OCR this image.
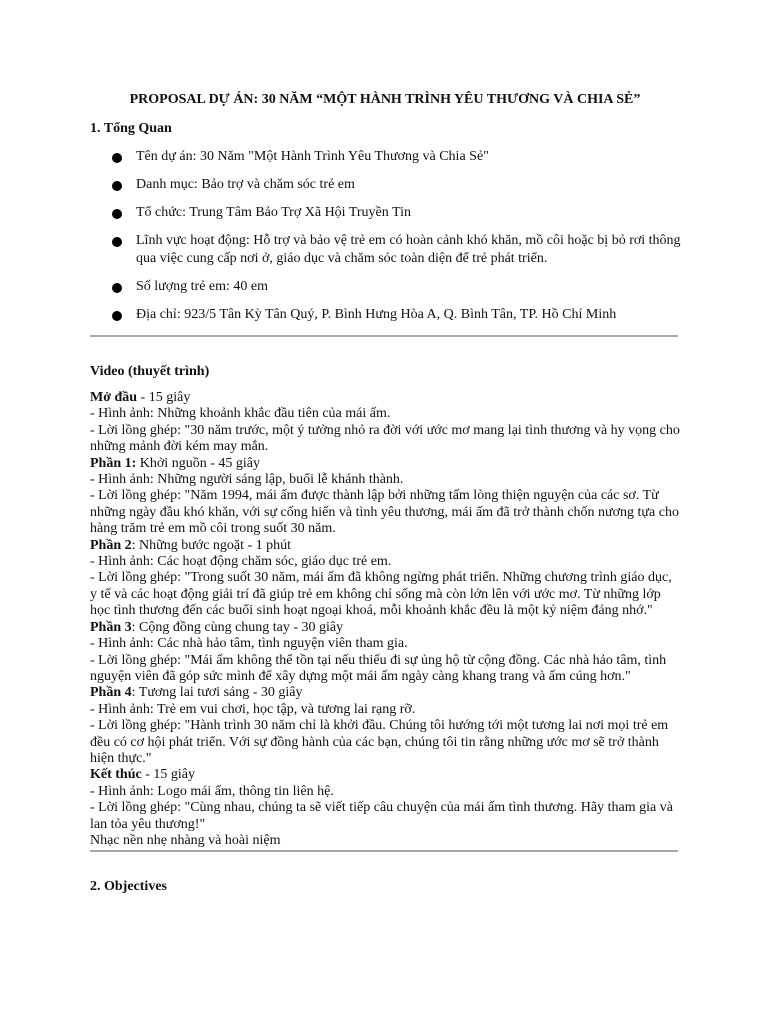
PROPOSAL DỰ ÁN: 30 NĂM “MỘT HÀNH TRÌNH YÊU THƯƠNG VÀ CHIA SẺ”
1. Tổng Quan

Tên dự án: 30 Năm "Một Hành Trình Yêu Thương và Chia Sẻ"

Danh mục: Bảo trợ và chăm sóc trẻ em

Tổ chức: Trung Tâm Bảo Trợ Xã Hội Truyền Tin

Lĩnh vực hoạt động: Hỗ trợ và bảo vệ trẻ em có hoàn cảnh khó khăn, mồ côi hoặc bị bỏ rơi thông qua việc cung cấp nơi ở, giáo dục và chăm sóc toàn diện để trẻ phát triển.

Số lượng trẻ em: 40 em

Địa chỉ: 923/5 Tân Kỳ Tân Quý, P. Bình Hưng Hòa A, Q. Bình Tân, TP. Hồ Chí Minh

Video (thuyết trình)

Mở đầu - 15 giây

- Hình ảnh: Những khoảnh khắc đầu tiên của mái ấm.

- Lời lồng ghép: "30 năm trước, một ý tưởng nhỏ ra đời với ước mơ mang lại tình thương và hy vọng cho những mảnh đời kém may mắn.

Phần 1: Khởi nguồn - 45 giây

- Hình ảnh: Những người sáng lập, buổi lễ khánh thành.

- Lời lồng ghép: "Năm 1994, mái ấm được thành lập bởi những tấm lòng thiện nguyện của các sơ. Từ những ngày đầu khó khăn, với sự cống hiến và tình yêu thương, mái ấm đã trở thành chốn nương tựa cho hàng trăm trẻ em mồ côi trong suốt 30 năm.

Phần 2: Những bước ngoặt - 1 phút

- Hình ảnh: Các hoạt động chăm sóc, giáo dục trẻ em.

- Lời lồng ghép: "Trong suốt 30 năm, mái ấm đã không ngừng phát triển. Những chương trình giáo dục, y tế và các hoạt động giải trí đã giúp trẻ em không chỉ sống mà còn lớn lên với ước mơ. Từ những lớp học tình thương đến các buổi sinh hoạt ngoại khoá, mỗi khoảnh khắc đều là một kỷ niệm đáng nhớ."

Phần 3: Cộng đồng cùng chung tay - 30 giây

- Hình ảnh: Các nhà hảo tâm, tình nguyện viên tham gia.

- Lời lồng ghép: "Mái ấm không thể tồn tại nếu thiếu đi sự ủng hộ từ cộng đồng. Các nhà hảo tâm, tình nguyện viên đã góp sức mình để xây dựng một mái ấm ngày càng khang trang và ấm cúng hơn."

Phần 4: Tương lai tươi sáng - 30 giây

- Hình ảnh: Trẻ em vui chơi, học tập, và tương lai rạng rỡ.

- Lời lồng ghép: "Hành trình 30 năm chỉ là khởi đầu. Chúng tôi hướng tới một tương lai nơi mọi trẻ em đều có cơ hội phát triển. Với sự đồng hành của các bạn, chúng tôi tin rằng những ước mơ sẽ trở thành hiện thực."

Kết thúc - 15 giây

- Hình ảnh: Logo mái ấm, thông tin liên hệ.

- Lời lồng ghép: "Cùng nhau, chúng ta sẽ viết tiếp câu chuyện của mái ấm tình thương. Hãy tham gia và lan tỏa yêu thương!"

Nhạc nền nhẹ nhàng và hoài niệm

2. Objectives
